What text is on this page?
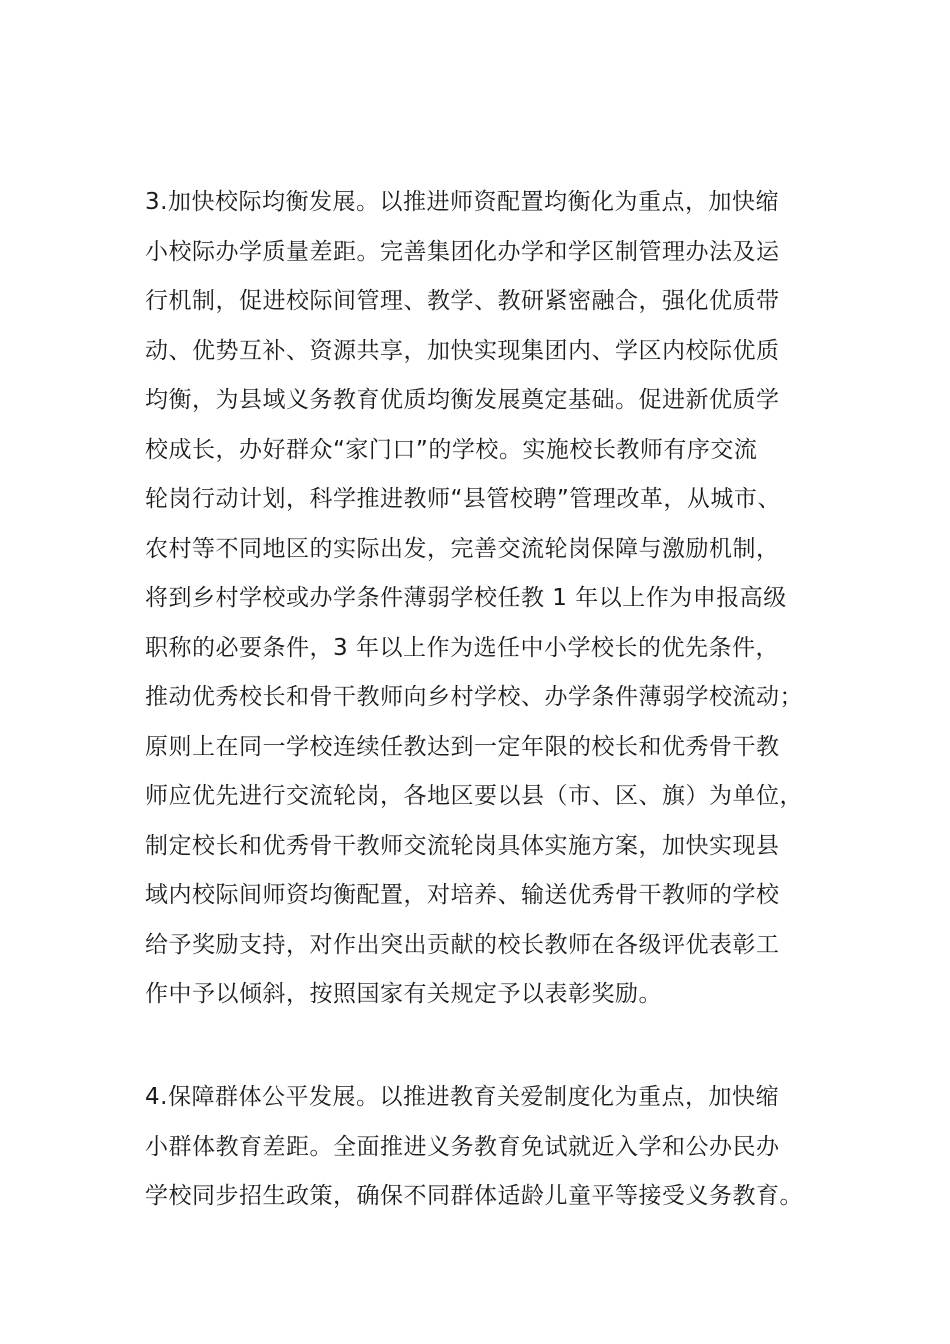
3.加快校际均衡发展。以推进师资配置均衡化为重点，加快缩
小校际办学质量差距。完善集团化办学和学区制管理办法及运
行机制，促进校际间管理、教学、教研紧密融合，强化优质带
动、优势互补、资源共享，加快实现集团内、学区内校际优质
均衡，为县域义务教育优质均衡发展奠定基础。促进新优质学
校成长，办好群众“家门口”的学校。实施校长教师有序交流
轮岗行动计划，科学推进教师“县管校聘”管理改革，从城市、
农村等不同地区的实际出发，完善交流轮岗保障与激励机制，
将到乡村学校或办学条件薄弱学校任教 1 年以上作为申报高级
职称的必要条件，3 年以上作为选任中小学校长的优先条件，
推动优秀校长和骨干教师向乡村学校、办学条件薄弱学校流动；
原则上在同一学校连续任教达到一定年限的校长和优秀骨干教
师应优先进行交流轮岗，各地区要以县（市、区、旗）为单位，
制定校长和优秀骨干教师交流轮岗具体实施方案，加快实现县
域内校际间师资均衡配置，对培养、输送优秀骨干教师的学校
给予奖励支持，对作出突出贡献的校长教师在各级评优表彰工
作中予以倾斜，按照国家有关规定予以表彰奖励。

4.保障群体公平发展。以推进教育关爱制度化为重点，加快缩
小群体教育差距。全面推进义务教育免试就近入学和公办民办
学校同步招生政策，确保不同群体适龄儿童平等接受义务教育。
